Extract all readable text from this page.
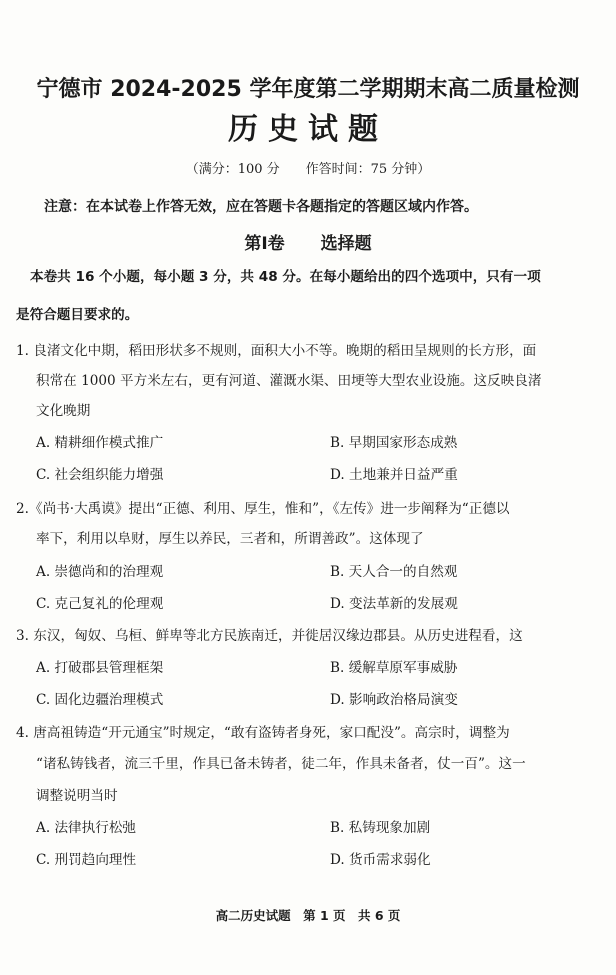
宁德市 2024-2025 学年度第二学期期末高二质量检测
历史试题
（满分：100 分　　作答时间：75 分钟）
注意：在本试卷上作答无效，应在答题卡各题指定的答题区域内作答。
第Ⅰ卷 选择题
本卷共 16 个小题，每小题 3 分，共 48 分。在每小题给出的四个选项中，只有一项
是符合题目要求的。
1. 良渚文化中期，稻田形状多不规则，面积大小不等。晚期的稻田呈规则的长方形，面
积常在 1000 平方米左右，更有河道、灌溉水渠、田埂等大型农业设施。这反映良渚
文化晚期
A. 精耕细作模式推广	B. 早期国家形态成熟
C. 社会组织能力增强	D. 土地兼并日益严重
2.《尚书·大禹谟》提出“正德、利用、厚生，惟和”，《左传》进一步阐释为“正德以
率下，利用以阜财，厚生以养民，三者和，所谓善政”。这体现了
A. 崇德尚和的治理观	B. 天人合一的自然观
C. 克己复礼的伦理观	D. 变法革新的发展观
3. 东汉，匈奴、乌桓、鲜卑等北方民族南迁，并徙居汉缘边郡县。从历史进程看，这
A. 打破郡县管理框架	B. 缓解草原军事威胁
C. 固化边疆治理模式	D. 影响政治格局演变
4. 唐高祖铸造“开元通宝”时规定，“敢有盗铸者身死，家口配没”。高宗时，调整为
“诸私铸钱者，流三千里，作具已备未铸者，徒二年，作具未备者，仗一百”。这一
调整说明当时
A. 法律执行松弛	B. 私铸现象加剧
C. 刑罚趋向理性	D. 货币需求弱化
高二历史试题　第 1 页　共 6 页
